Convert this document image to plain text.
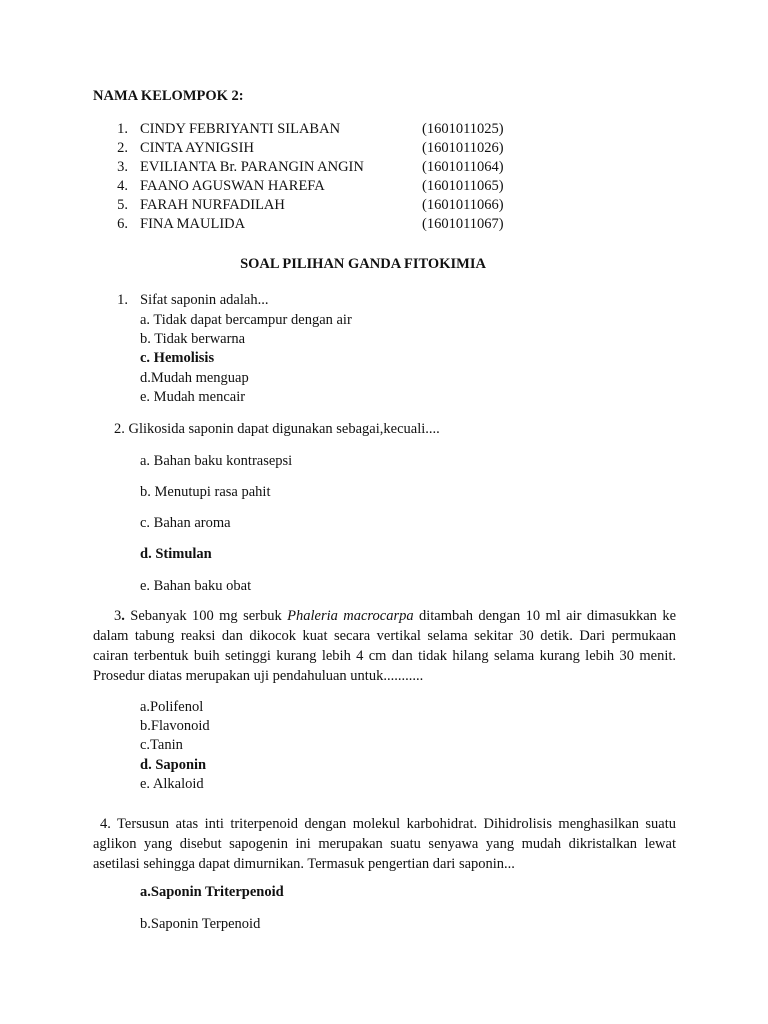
NAMA KELOMPOK 2:
1. CINDY FEBRIYANTI SILABAN	(1601011025)
2. CINTA AYNIGSIH	(1601011026)
3. EVILIANTA Br. PARANGIN ANGIN	(1601011064)
4. FAANO AGUSWAN HAREFA	(1601011065)
5. FARAH NURFADILAH	(1601011066)
6. FINA MAULIDA	(1601011067)
SOAL PILIHAN GANDA FITOKIMIA
1. Sifat saponin adalah...
a. Tidak dapat bercampur dengan air
b. Tidak berwarna
c. Hemolisis
d.Mudah menguap
e. Mudah mencair
2. Glikosida saponin dapat digunakan sebagai,kecuali....
a. Bahan baku kontrasepsi
b. Menutupi rasa pahit
c. Bahan aroma
d. Stimulan
e. Bahan baku obat
3. Sebanyak 100 mg serbuk Phaleria macrocarpa ditambah dengan 10 ml air dimasukkan ke dalam tabung reaksi dan dikocok kuat secara vertikal selama sekitar 30 detik. Dari permukaan cairan terbentuk buih setinggi kurang lebih 4 cm dan tidak hilang selama kurang lebih 30 menit. Prosedur diatas merupakan uji pendahuluan untuk...........
a.Polifenol
b.Flavonoid
c.Tanin
d. Saponin
e. Alkaloid
4. Tersusun atas inti triterpenoid dengan molekul karbohidrat. Dihidrolisis menghasilkan suatu aglikon yang disebut sapogenin ini merupakan suatu senyawa yang mudah dikristalkan lewat asetilasi sehingga dapat dimurnikan. Termasuk pengertian dari saponin...
a.Saponin Triterpenoid
b.Saponin Terpenoid
